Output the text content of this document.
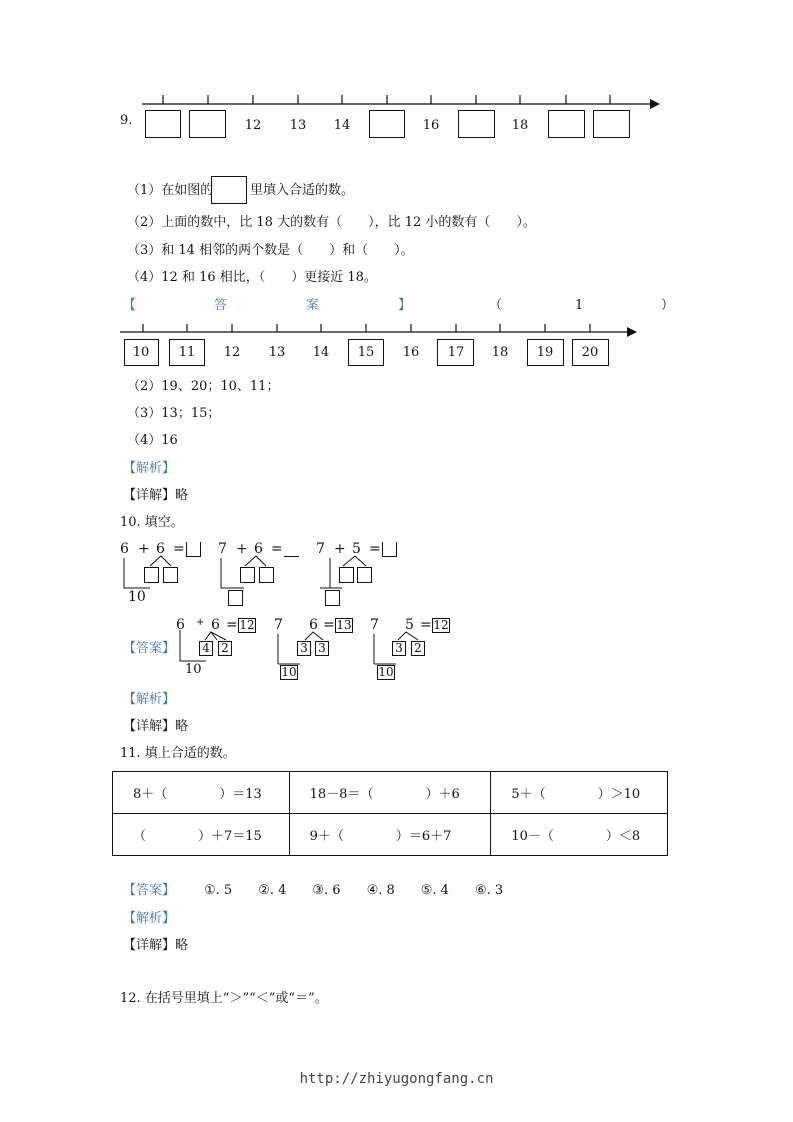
9.	12	13	14	16	18
（1）在如图的	里填入合适的数。
（2）上面的数中，比 18 大的数有（　　），比 12 小的数有（　　）。
（3）和 14 相邻的两个数是（　　）和（　　）。
（4）12 和 16 相比，（　　）更接近 18。
【	答	案	】	（	1	）
10	11	12	13	14	15	16	17	18	19	20
（2）19、20；10、11；
（3）13；15；
（4）16
【解析】
【详解】略
10. 填空。
6 + 6 =
10
7 + 6 = 7 + 5 =
【答案】
6 + 6 = 12
4 2
10
7 6 = 13
3 3
10
7 5 = 12
3 2
10
【解析】
【详解】略
11. 填上合适的数。
8＋（　　　　）＝13	18－8＝（　　　　）＋6	5＋（　　　　）＞10
（　　　　）＋7＝15	9＋（　　　　）＝6＋7	10－（　　　　）＜8
【答案】 ①. 5　　②. 4　　③. 6　　④. 8　　⑤. 4　　⑥. 3
【解析】
【详解】略
12. 在括号里填上“＞”“＜”或“＝”。
http://zhiyugongfang.cn
